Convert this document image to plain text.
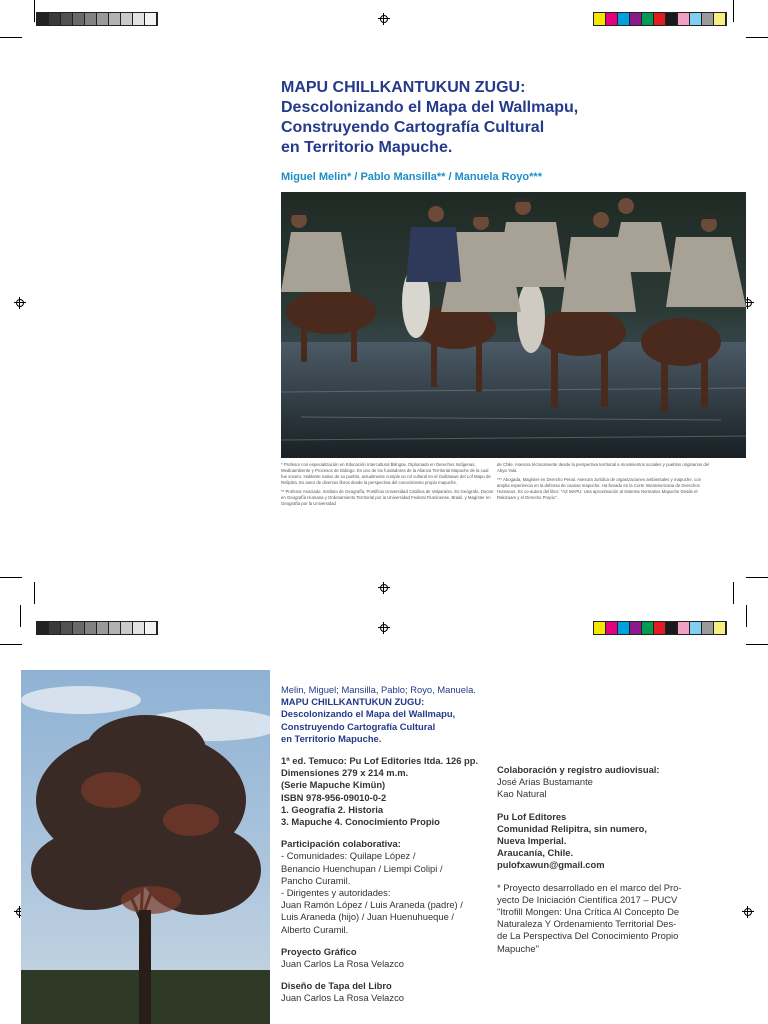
MAPU CHILLKANTUKUN ZUGU:
Descolonizando el Mapa del Wallmapu,
Construyendo Cartografía Cultural
en Territorio Mapuche.
Miguel Melin* / Pablo Mansilla** / Manuela Royo***

* Profesor con especialización en Educación Intercultural Bilingüe. Diplomado en Derechos Indígenas, Medioambiente y Procesos de Diálogo. Es uno de los fundadores de la Alianza Territorial Mapuche de la cual fue vocero. Hablante nativo de su pueblo, actualmente cumple un rol cultural en el Guillatuwe del Lof Mapu de Relipitra. Es autor de diversos libros desde la perspectiva del conocimiento propio mapuche.

** Profesor Asociado, Instituto de Geografía, Pontificia Universidad Católica de Valparaíso. Es Geógrafo, Doctor en Geografía Humana y Ordenamiento Territorial por la Universidad Federal Fluminense, Brasil, y Magíster en Geografía por la Universidad

de Chile. Asesora técnicamente desde la perspectiva territorial a movimientos sociales y pueblos originarios del Abya Yala.

*** Abogada, Magíster en Derecho Penal. Asesora Jurídica de organizaciones ambientales y mapuche, con amplia experiencia en la defensa de causas mapuche. Ha llevado en la Corte Interamericana de Derechos Humanos. Es co-autora del libro: "AZ MAPU: Una aproximación al Sistema Normativo Mapuche Desde el Rakizuam y el Derecho Propio".

Melin, Miguel; Mansilla, Pablo; Royo, Manuela.
MAPU CHILLKANTUKUN ZUGU:
Descolonizando el Mapa del Wallmapu,
Construyendo Cartografía Cultural
en Territorio Mapuche.
1ª ed. Temuco: Pu Lof Editories ltda. 126 pp.
Dimensiones 279 x 214 m.m.
(Serie Mapuche Kimün)
ISBN 978-956-09010-0-2
1. Geografía 2. Historia
3. Mapuche 4. Conocimiento Propio
Participación colaborativa:
- Comunidades: Quilape López /
Benancio Huenchupan / Liempi Colipi /
Pancho Curamil.
- Dirigentes y autoridades:
Juan Ramón López / Luis Araneda (padre) /
Luis Araneda (hijo) / Juan Huenuhueque /
Alberto Curamil.
Proyecto Gráfico
Juan Carlos La Rosa Velazco
Diseño de Tapa del Libro
Juan Carlos La Rosa Velazco
Colaboración y registro audiovisual:
José Arias Bustamante
Kao Natural
Pu Lof Editores
Comunidad Relipitra, sin numero,
Nueva Imperial.
Araucanía, Chile.
pulofxawun@gmail.com
* Proyecto desarrollado en el marco del Pro-
yecto De Iniciación Científica 2017 – PUCV
"Itrofill Mongen: Una Crítica Al Concepto De
Naturaleza Y Ordenamiento Territorial Des-
de La Perspectiva Del Conocimiento Propio
Mapuche"
